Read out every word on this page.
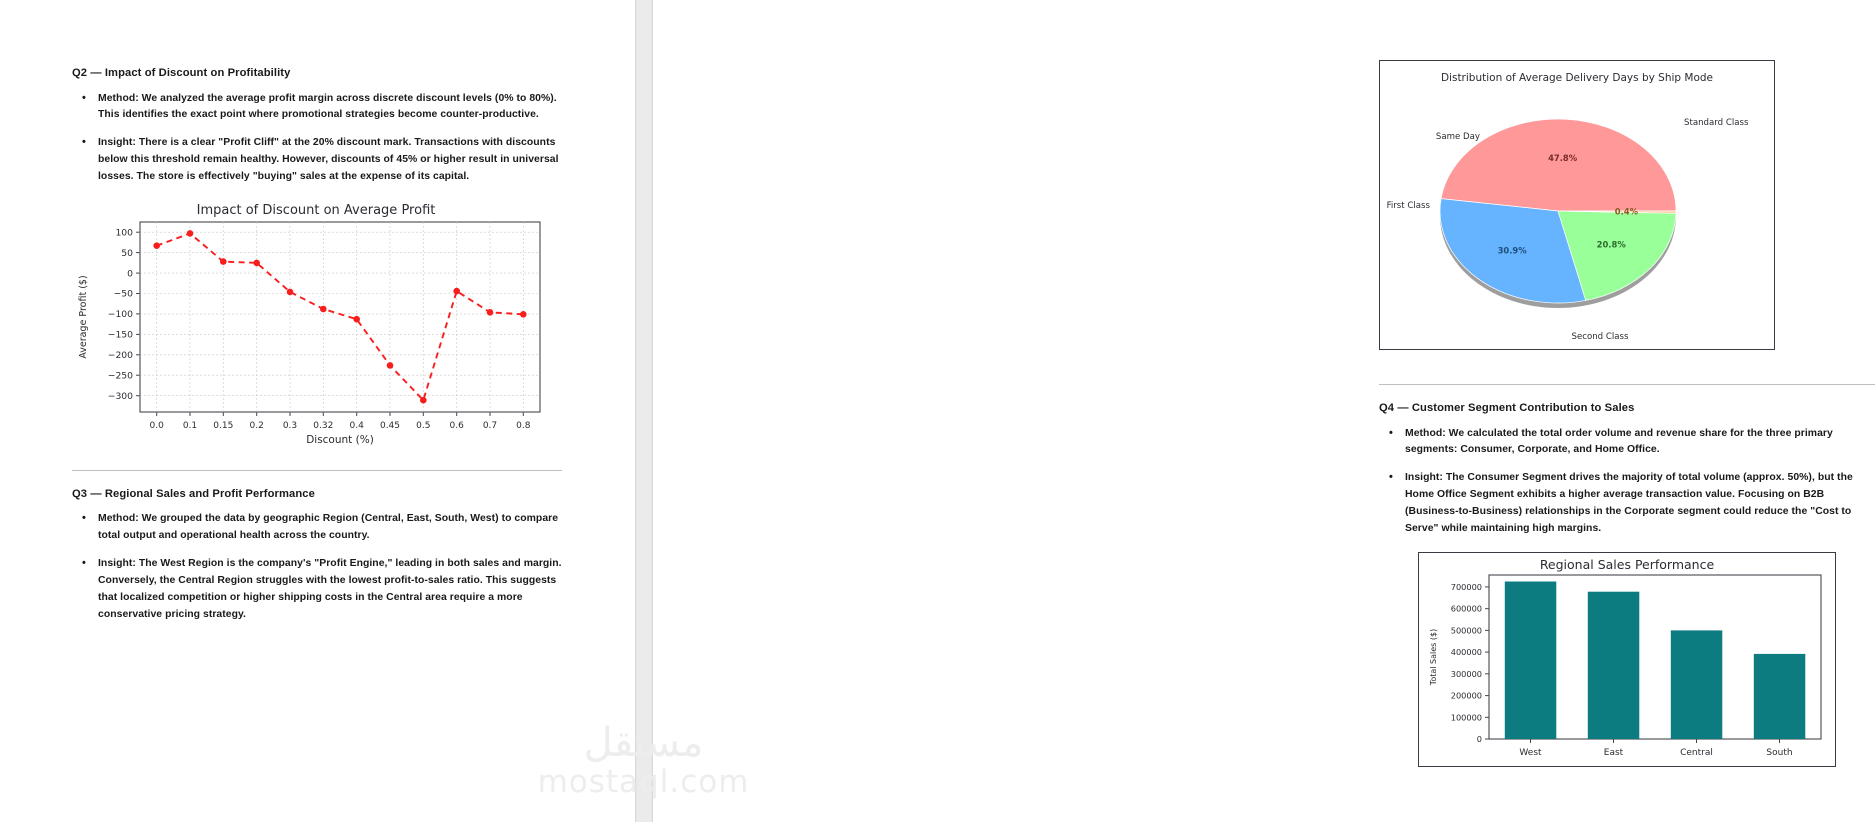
Q2 — Impact of Discount on Profitability
• Method: We analyzed the average profit margin across discrete discount levels (0% to 80%). This identifies the exact point where promotional strategies become counter-productive.
• Insight: There is a clear "Profit Cliff" at the 20% discount mark. Transactions with discounts below this threshold remain healthy. However, discounts of 45% or higher result in universal losses. The store is effectively "buying" sales at the expense of its capital.
Impact of Discount on Average Profit
100
50
0
−50
−100
−150
−200
−250
−300
0.0 0.1 0.15 0.2 0.3 0.32 0.4 0.45 0.5 0.6 0.7 0.8
Average Profit ($)
Discount (%)
Q3 — Regional Sales and Profit Performance
• Method: We grouped the data by geographic Region (Central, East, South, West) to compare total output and operational health across the country.
• Insight: The West Region is the company's "Profit Engine," leading in both sales and margin. Conversely, the Central Region struggles with the lowest profit-to-sales ratio. This suggests that localized competition or higher shipping costs in the Central area require a more conservative pricing strategy.
Distribution of Average Delivery Days by Ship Mode
47.8%
30.9%
20.8%
0.4%
Standard Class
Second Class
First Class
Same Day
Q4 — Customer Segment Contribution to Sales
• Method: We calculated the total order volume and revenue share for the three primary segments: Consumer, Corporate, and Home Office.
• Insight: The Consumer Segment drives the majority of total volume (approx. 50%), but the Home Office Segment exhibits a higher average transaction value. Focusing on B2B (Business-to-Business) relationships in the Corporate segment could reduce the "Cost to Serve" while maintaining high margins.
Regional Sales Performance
0
100000
200000
300000
400000
500000
600000
700000
West	East	Central	South
Total Sales ($)
مستقل
mostaql.com
